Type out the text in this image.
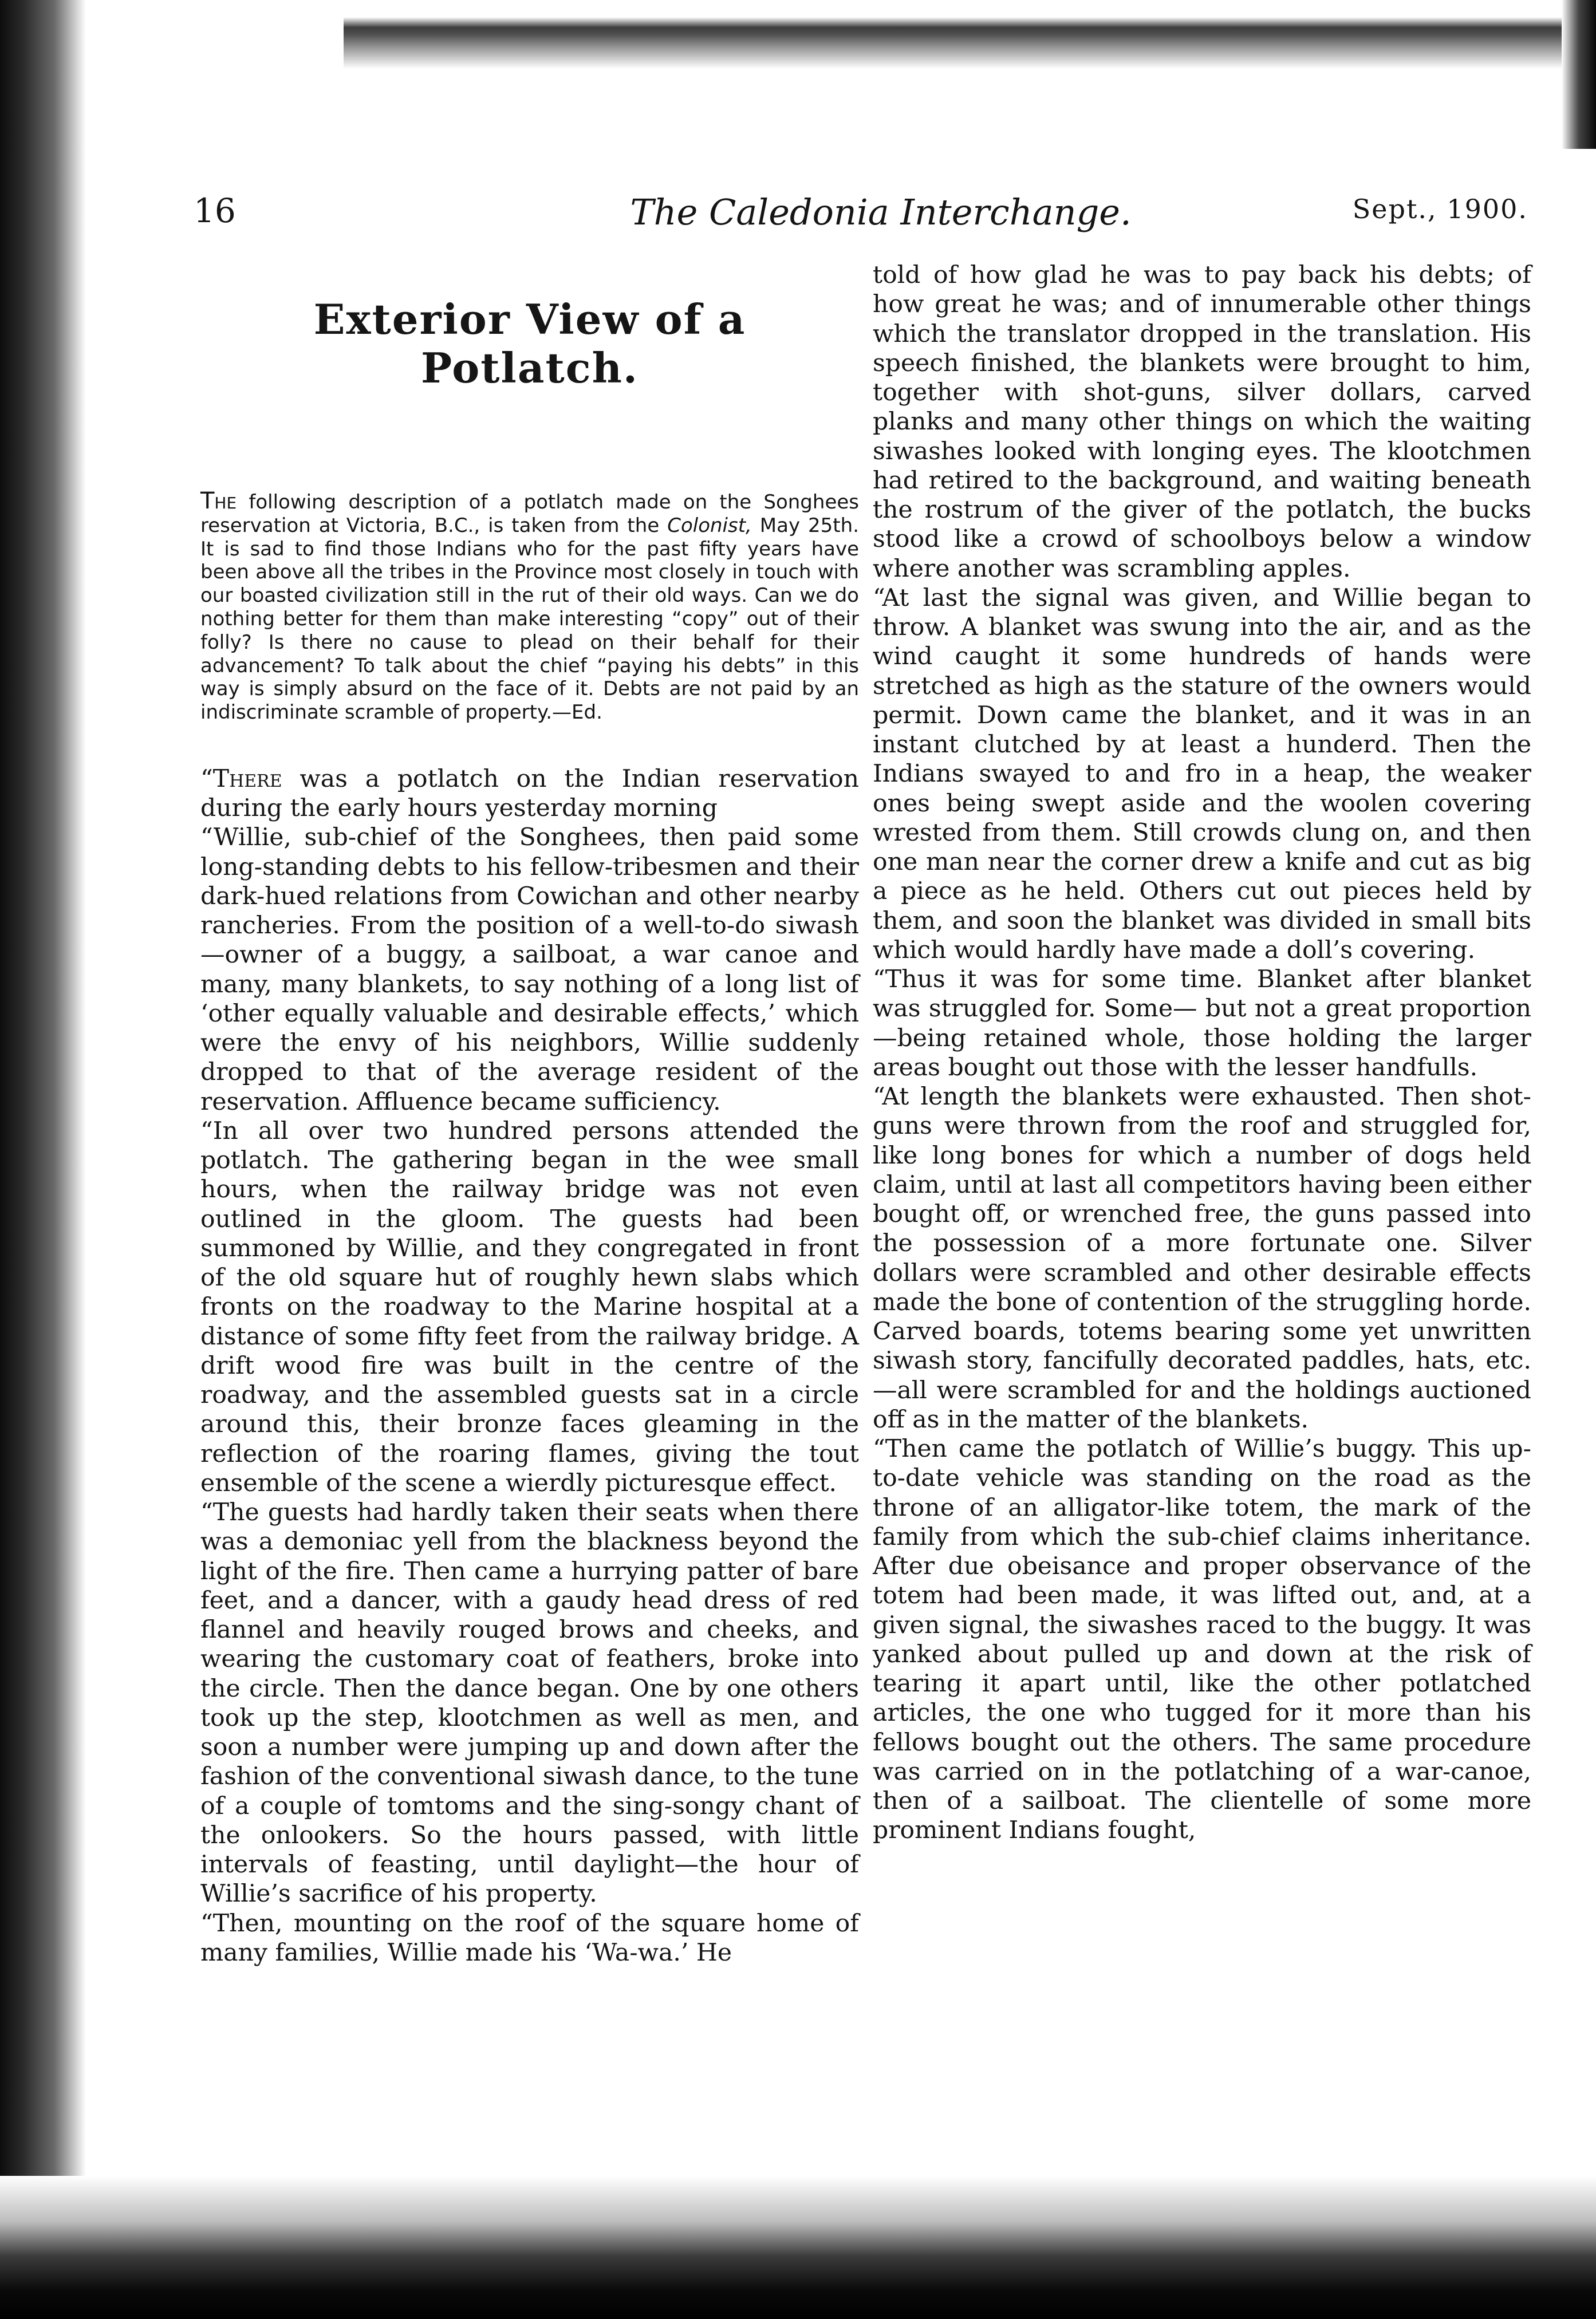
16	The Caledonia Interchange.	Sept., 1900.
Exterior View of a Potlatch.

The following description of a potlatch made on the Songhees reservation at Victoria, B.C., is taken from the Colonist, May 25th. It is sad to find those Indians who for the past fifty years have been above all the tribes in the Province most closely in touch with our boasted civilization still in the rut of their old ways. Can we do nothing better for them than make interesting “copy” out of their folly? Is there no cause to plead on their behalf for their advancement? To talk about the chief “paying his debts” in this way is simply absurd on the face of it. Debts are not paid by an indiscriminate scramble of property.—Ed.

“There was a potlatch on the Indian reservation during the early hours yesterday morning

“Willie, sub-chief of the Songhees, then paid some long-standing debts to his fellow-tribesmen and their dark-hued relations from Cowichan and other nearby rancheries. From the position of a well-to-do siwash—owner of a buggy, a sailboat, a war canoe and many, many blankets, to say nothing of a long list of ‘other equally valuable and desirable effects,’ which were the envy of his neighbors, Willie suddenly dropped to that of the average resident of the reservation. Affluence became sufficiency.

“In all over two hundred persons attended the potlatch. The gathering began in the wee small hours, when the railway bridge was not even outlined in the gloom. The guests had been summoned by Willie, and they congregated in front of the old square hut of roughly hewn slabs which fronts on the roadway to the Marine hospital at a distance of some fifty feet from the railway bridge. A drift wood fire was built in the centre of the roadway, and the assembled guests sat in a circle around this, their bronze faces gleaming in the reflection of the roaring flames, giving the tout ensemble of the scene a wierdly picturesque effect.

“The guests had hardly taken their seats when there was a demoniac yell from the blackness beyond the light of the fire. Then came a hurrying patter of bare feet, and a dancer, with a gaudy head dress of red flannel and heavily rouged brows and cheeks, and wearing the customary coat of feathers, broke into the circle. Then the dance began. One by one others took up the step, klootchmen as well as men, and soon a number were jumping up and down after the fashion of the conventional siwash dance, to the tune of a couple of tomtoms and the sing-songy chant of the onlookers. So the hours passed, with little intervals of feasting, until daylight—the hour of Willie’s sacrifice of his property.

“Then, mounting on the roof of the square home of many families, Willie made his ‘Wa-wa.’ He

told of how glad he was to pay back his debts; of how great he was; and of innumerable other things which the translator dropped in the translation. His speech finished, the blankets were brought to him, together with shot-guns, silver dollars, carved planks and many other things on which the waiting siwashes looked with longing eyes. The klootchmen had retired to the background, and waiting beneath the rostrum of the giver of the potlatch, the bucks stood like a crowd of schoolboys below a window where another was scrambling apples.

“At last the signal was given, and Willie began to throw. A blanket was swung into the air, and as the wind caught it some hundreds of hands were stretched as high as the stature of the owners would permit. Down came the blanket, and it was in an instant clutched by at least a hunderd. Then the Indians swayed to and fro in a heap, the weaker ones being swept aside and the woolen covering wrested from them. Still crowds clung on, and then one man near the corner drew a knife and cut as big a piece as he held. Others cut out pieces held by them, and soon the blanket was divided in small bits which would hardly have made a doll’s covering.

“Thus it was for some time. Blanket after blanket was struggled for. Some— but not a great proportion—being retained whole, those holding the larger areas bought out those with the lesser handfulls.

“At length the blankets were exhausted. Then shot-guns were thrown from the roof and struggled for, like long bones for which a number of dogs held claim, until at last all competitors having been either bought off, or wrenched free, the guns passed into the possession of a more fortunate one. Silver dollars were scrambled and other desirable effects made the bone of contention of the struggling horde. Carved boards, totems bearing some yet unwritten siwash story, fancifully decorated paddles, hats, etc.—all were scrambled for and the holdings auctioned off as in the matter of the blankets.

“Then came the potlatch of Willie’s buggy. This up-to-date vehicle was standing on the road as the throne of an alligator-like totem, the mark of the family from which the sub-chief claims inheritance. After due obeisance and proper observance of the totem had been made, it was lifted out, and, at a given signal, the siwashes raced to the buggy. It was yanked about pulled up and down at the risk of tearing it apart until, like the other potlatched articles, the one who tugged for it more than his fellows bought out the others. The same procedure was carried on in the potlatching of a war-canoe, then of a sailboat. The clientelle of some more prominent Indians fought,
